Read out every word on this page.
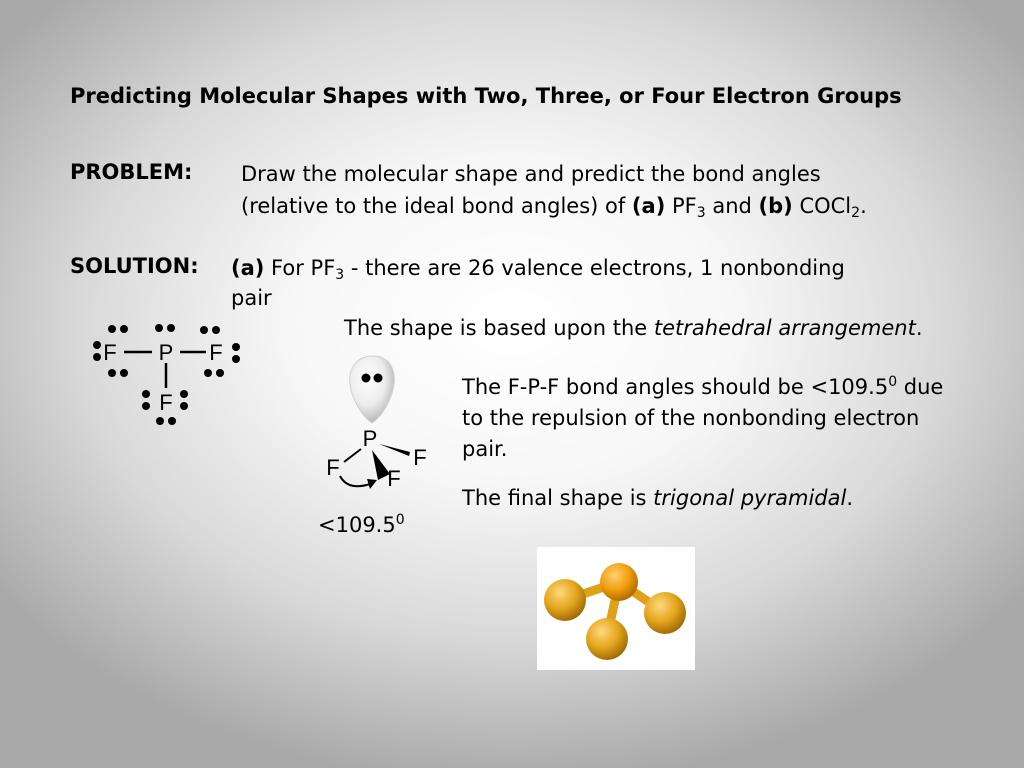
Predicting Molecular Shapes with Two, Three, or Four Electron Groups
PROBLEM: Draw the molecular shape and predict the bond angles
(relative to the ideal bond angles) of (a) $PF_3$ and (b) COCl$_2$.
SOLUTION: (a) For $PF_3$ - there are 26 valence electrons, 1 nonbonding
pair
F P F
F
The shape is based upon the tetrahedral arrangement.
P
F	F
F
$<109.5^0$
The F-P-F bond angles should be $<109.5^0$ due
to the repulsion of the nonbonding electron
pair.
The final shape is trigonal pyramidal.
